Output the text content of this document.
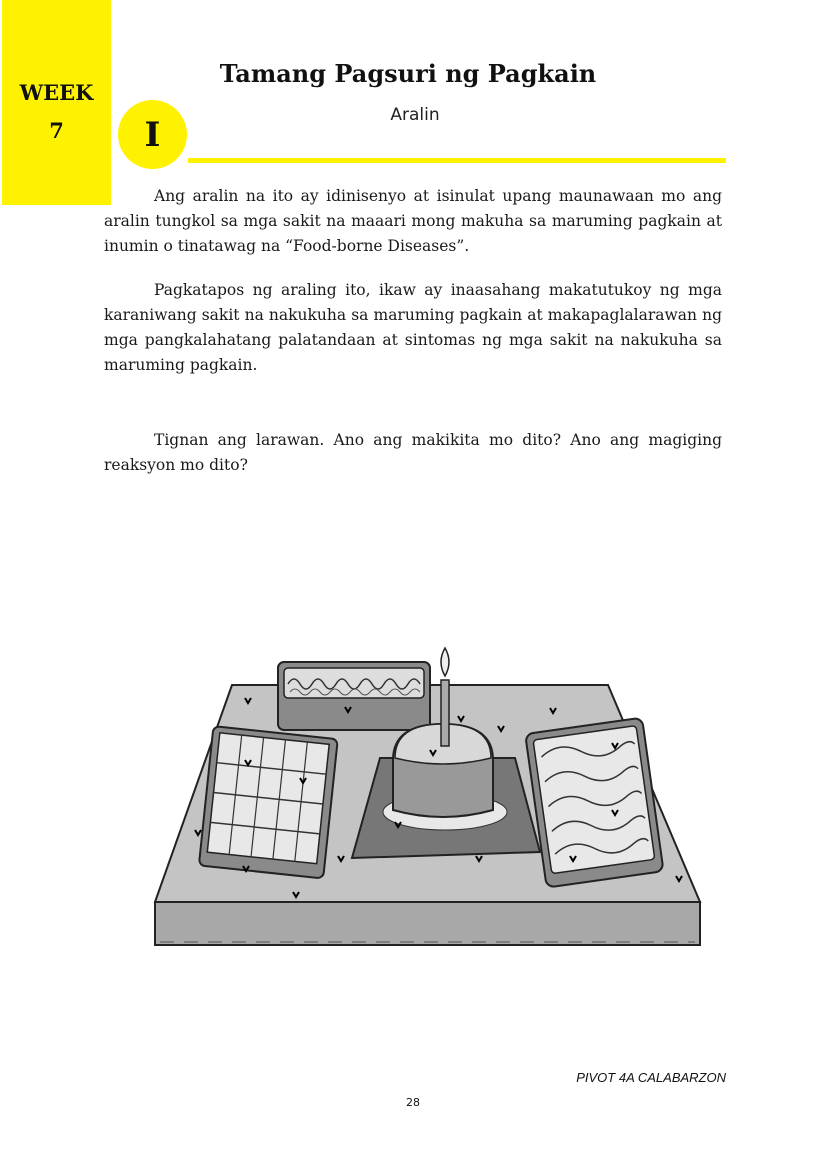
WEEK
7	I
Tamang Pagsuri ng Pagkain
Aralin

Ang aralin na ito ay idinisenyo at isinulat upang maunawaan mo ang aralin tungkol sa mga sakit na maaari mong makuha sa maruming pagkain at inumin o tinatawag na “Food-borne Diseases”.

Pagkatapos ng araling ito, ikaw ay inaasahang makatutukoy ng mga karaniwang sakit na nakukuha sa maruming pagkain at makapaglalarawan ng mga pangkalahatang palatandaan at sintomas ng mga sakit na nakukuha sa maruming pagkain.

Tignan ang larawan. Ano ang makikita mo dito? Ano ang magiging reaksyon mo dito?

PIVOT 4A CALABARZON
28
